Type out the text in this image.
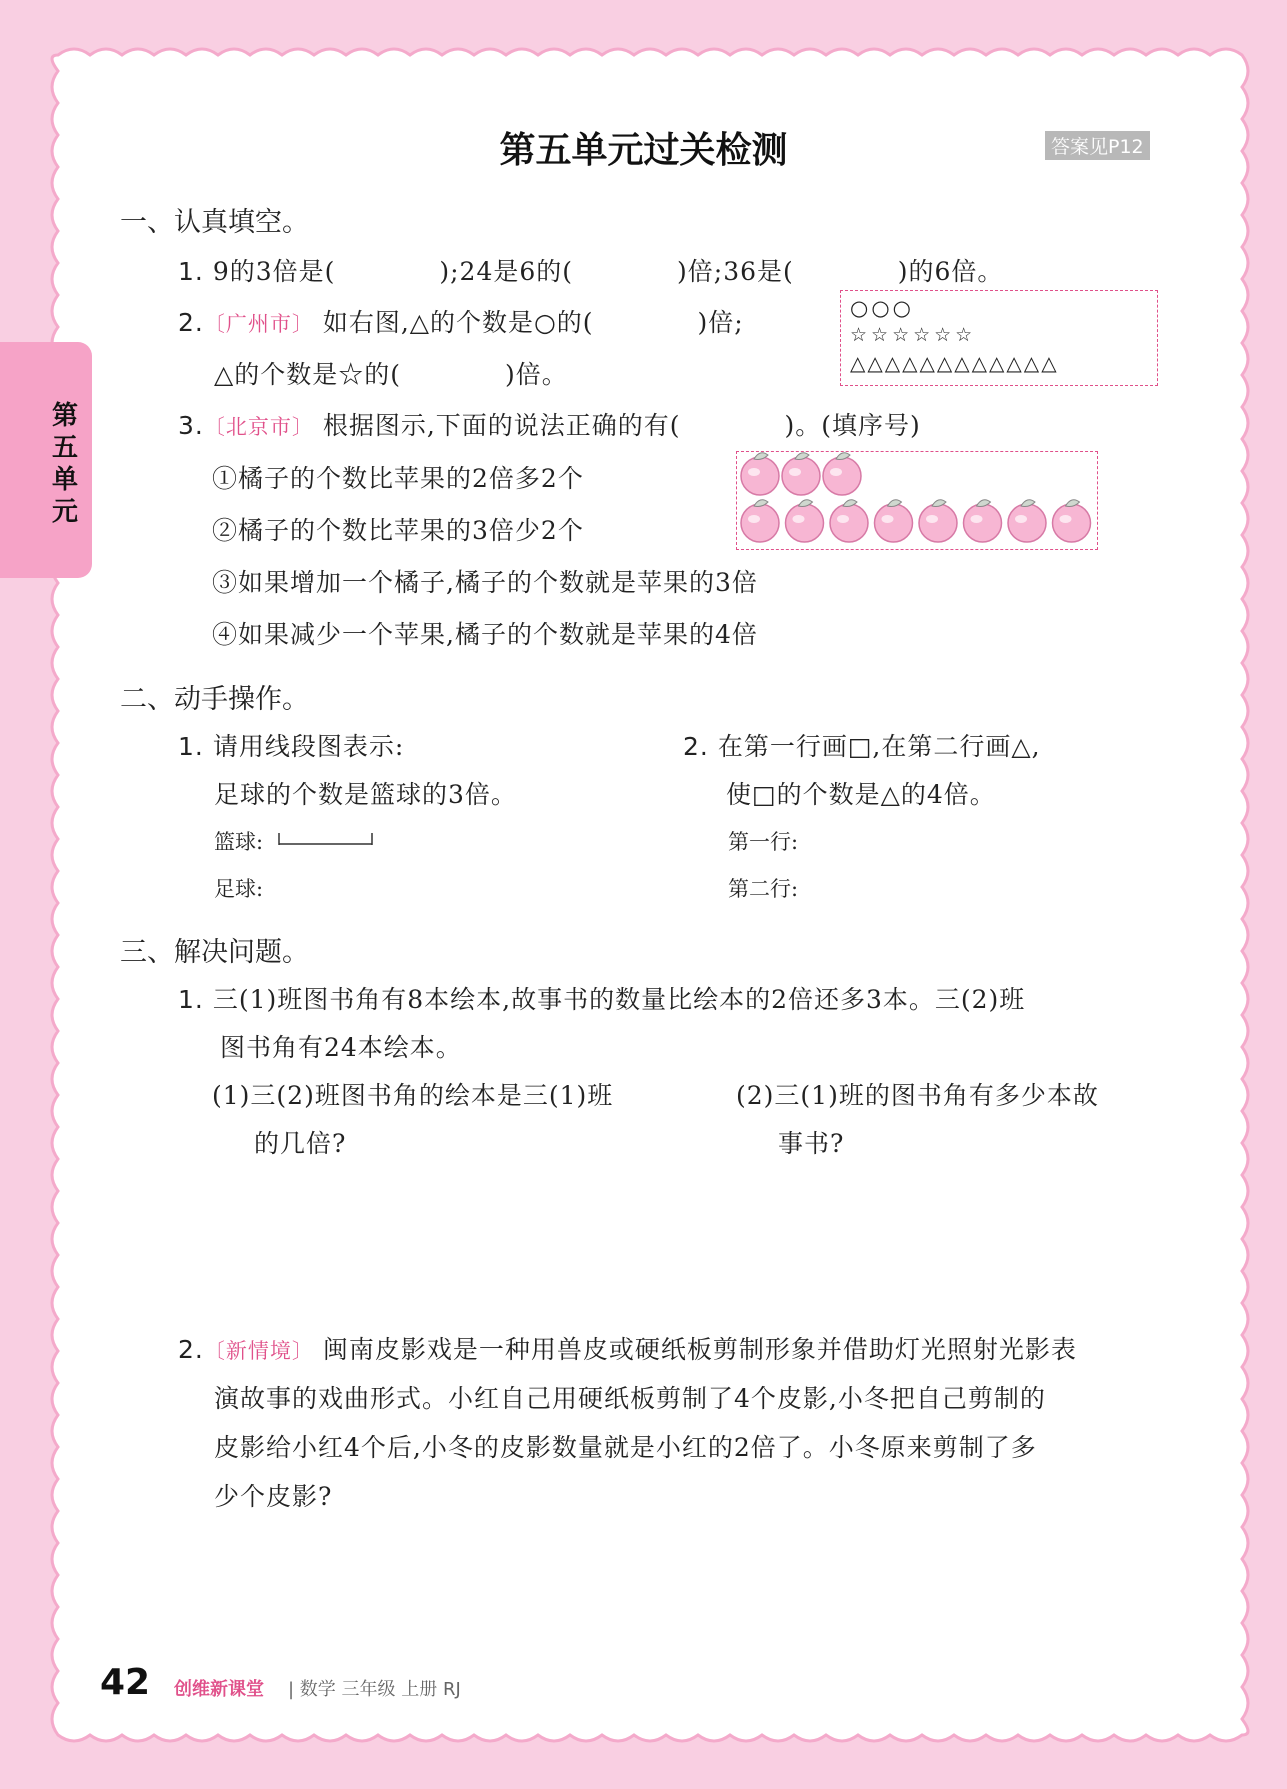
第五单元
第五单元过关检测	答案见P12
一、认真填空。
1. 9的3倍是(　　　　);24是6的(　　　　)倍;36是(　　　　)的6倍。
2.〔广州市〕 如右图,△的个数是○的(　　　　)倍;
△的个数是☆的(　　　　)倍。
○○○
☆☆☆☆☆☆
△△△△△△△△△△△△
3.〔北京市〕 根据图示,下面的说法正确的有(　　　　)。(填序号)
①橘子的个数比苹果的2倍多2个
②橘子的个数比苹果的3倍少2个
③如果增加一个橘子,橘子的个数就是苹果的3倍
④如果减少一个苹果,橘子的个数就是苹果的4倍
二、动手操作。
1. 请用线段图表示:
足球的个数是篮球的3倍。
篮球:
足球:
2. 在第一行画□,在第二行画△,
使□的个数是△的4倍。
第一行:
第二行:
三、解决问题。
1. 三(1)班图书角有8本绘本,故事书的数量比绘本的2倍还多3本。三(2)班
图书角有24本绘本。
(1)三(2)班图书角的绘本是三(1)班
的几倍?
(2)三(1)班的图书角有多少本故
事书?
2.〔新情境〕 闽南皮影戏是一种用兽皮或硬纸板剪制形象并借助灯光照射光影表
演故事的戏曲形式。小红自己用硬纸板剪制了4个皮影,小冬把自己剪制的
皮影给小红4个后,小冬的皮影数量就是小红的2倍了。小冬原来剪制了多
少个皮影?
42 创维新课堂 | 数学 三年级 上册 RJ
